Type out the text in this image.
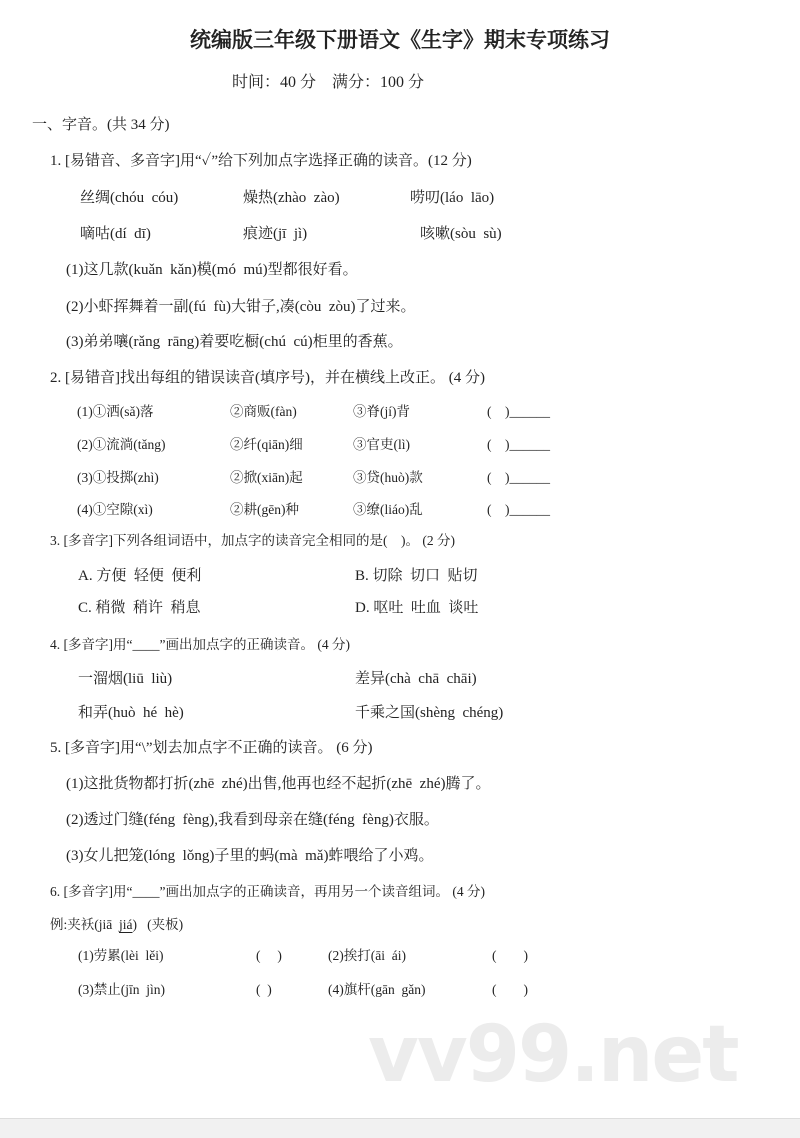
统编版三年级下册语文《生字》期末专项练习
时间：40 分    满分：100 分
一、字音。(共 34 分)
1. [易错音、多音字]用“✓”给下列加点字选择正确的读音。(12 分)
丝绸(chóu  cóu)	燥热(zhào  zào)	唠叨(láo  lāo)
嘀咕(dí  dī)	痕迹(jī  jì)	咳嗽(sòu  sù)
(1)这几款(kuǎn  kǎn)模(mó  mú)型都很好看。
(2)小虾挥舞着一副(fú  fù)大钳子,凑(còu  zòu)了过来。
(3)弟弟嚷(rǎng  rāng)着要吃橱(chú  cú)柜里的香蕉。
2. [易错音]找出每组的错误读音(填序号)，并在横线上改正。 (4 分)
(1)①洒(sǎ)落	②商贩(fàn)	③脊(jí)背	(    )______
(2)①流淌(tǎng)	②纤(qiān)细	③官吏(lì)	(    )______
(3)①投掷(zhì)	②掀(xiān)起	③贷(huò)款	(    )______
(4)①空隙(xì)	②耕(gēn)种	③缭(liáo)乱	(    )______
3. [多音字]下列各组词语中，加点字的读音完全相同的是(    )。 (2 分)
A. 方便  轻便  便利	B. 切除  切口  贴切
C. 稍微  稍许  稍息	D. 呕吐  吐血  谈吐
4. [多音字]用“____”画出加点字的正确读音。 (4 分)
一溜烟(liū  liù)	差异(chà  chā  chāi)
和弄(huò  hé  hè)	千乘之国(shèng  chéng)
5. [多音字]用“\”划去加点字不正确的读音。 (6 分)
(1)这批货物都打折(zhē  zhé)出售,他再也经不起折(zhē  zhé)腾了。
(2)透过门缝(féng  fèng),我看到母亲在缝(féng  fèng)衣服。
(3)女儿把笼(lóng  lǒng)子里的蚂(mà  mǎ)蚱喂给了小鸡。
6. [多音字]用“____”画出加点字的正确读音，再用另一个读音组词。 (4 分)
例:夹袄(jiā  jiá)   (夹板)
(1)劳累(lèi  lěi)	(     )	(2)挨打(āi  ái)	(        )
(3)禁止(jīn  jìn)	(  )	(4)旗杆(gān  gǎn)	(        )
vv99.net
